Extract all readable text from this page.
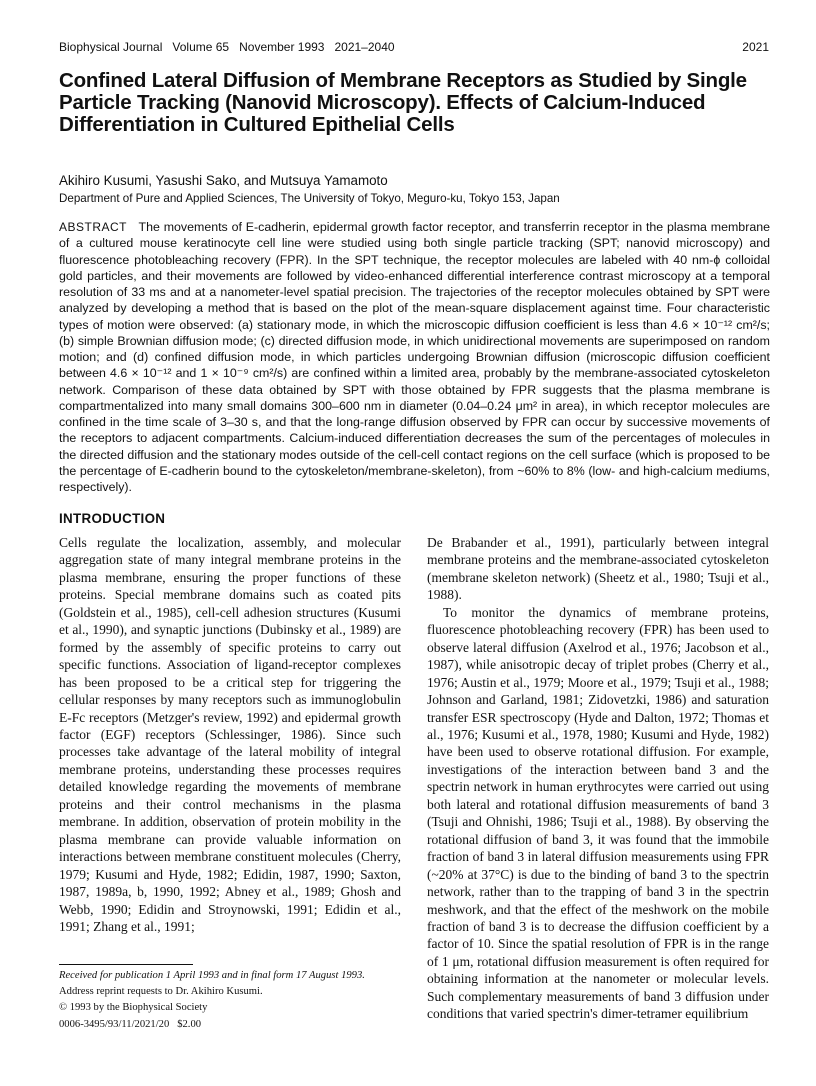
Biophysical Journal   Volume 65   November 1993   2021–2040	2021
Confined Lateral Diffusion of Membrane Receptors as Studied by Single Particle Tracking (Nanovid Microscopy). Effects of Calcium-Induced Differentiation in Cultured Epithelial Cells
Akihiro Kusumi, Yasushi Sako, and Mutsuya Yamamoto
Department of Pure and Applied Sciences, The University of Tokyo, Meguro-ku, Tokyo 153, Japan

ABSTRACT The movements of E-cadherin, epidermal growth factor receptor, and transferrin receptor in the plasma membrane of a cultured mouse keratinocyte cell line were studied using both single particle tracking (SPT; nanovid microscopy) and fluorescence photobleaching recovery (FPR). In the SPT technique, the receptor molecules are labeled with 40 nm-ϕ colloidal gold particles, and their movements are followed by video-enhanced differential interference contrast microscopy at a temporal resolution of 33 ms and at a nanometer-level spatial precision. The trajectories of the receptor molecules obtained by SPT were analyzed by developing a method that is based on the plot of the mean-square displacement against time. Four characteristic types of motion were observed: (a) stationary mode, in which the microscopic diffusion coefficient is less than 4.6 × 10⁻¹² cm²/s; (b) simple Brownian diffusion mode; (c) directed diffusion mode, in which unidirectional movements are superimposed on random motion; and (d) confined diffusion mode, in which particles undergoing Brownian diffusion (microscopic diffusion coefficient between 4.6 × 10⁻¹² and 1 × 10⁻⁹ cm²/s) are confined within a limited area, probably by the membrane-associated cytoskeleton network. Comparison of these data obtained by SPT with those obtained by FPR suggests that the plasma membrane is compartmentalized into many small domains 300–600 nm in diameter (0.04–0.24 μm² in area), in which receptor molecules are confined in the time scale of 3–30 s, and that the long-range diffusion observed by FPR can occur by successive movements of the receptors to adjacent compartments. Calcium-induced differentiation decreases the sum of the percentages of molecules in the directed diffusion and the stationary modes outside of the cell-cell contact regions on the cell surface (which is proposed to be the percentage of E-cadherin bound to the cytoskeleton/membrane-skeleton), from ~60% to 8% (low- and high-calcium mediums, respectively).

INTRODUCTION

Cells regulate the localization, assembly, and molecular aggregation state of many integral membrane proteins in the plasma membrane, ensuring the proper functions of these proteins. Special membrane domains such as coated pits (Goldstein et al., 1985), cell-cell adhesion structures (Kusumi et al., 1990), and synaptic junctions (Dubinsky et al., 1989) are formed by the assembly of specific proteins to carry out specific functions. Association of ligand-receptor complexes has been proposed to be a critical step for triggering the cellular responses by many receptors such as immunoglobulin E-Fc receptors (Metzger's review, 1992) and epidermal growth factor (EGF) receptors (Schlessinger, 1986). Since such processes take advantage of the lateral mobility of integral membrane proteins, understanding these processes requires detailed knowledge regarding the movements of membrane proteins and their control mechanisms in the plasma membrane. In addition, observation of protein mobility in the plasma membrane can provide valuable information on interactions between membrane constituent molecules (Cherry, 1979; Kusumi and Hyde, 1982; Edidin, 1987, 1990; Saxton, 1987, 1989a, b, 1990, 1992; Abney et al., 1989; Ghosh and Webb, 1990; Edidin and Stroynowski, 1991; Edidin et al., 1991; Zhang et al., 1991;

De Brabander et al., 1991), particularly between integral membrane proteins and the membrane-associated cytoskeleton (membrane skeleton network) (Sheetz et al., 1980; Tsuji et al., 1988).

To monitor the dynamics of membrane proteins, fluorescence photobleaching recovery (FPR) has been used to observe lateral diffusion (Axelrod et al., 1976; Jacobson et al., 1987), while anisotropic decay of triplet probes (Cherry et al., 1976; Austin et al., 1979; Moore et al., 1979; Tsuji et al., 1988; Johnson and Garland, 1981; Zidovetzki, 1986) and saturation transfer ESR spectroscopy (Hyde and Dalton, 1972; Thomas et al., 1976; Kusumi et al., 1978, 1980; Kusumi and Hyde, 1982) have been used to observe rotational diffusion. For example, investigations of the interaction between band 3 and the spectrin network in human erythrocytes were carried out using both lateral and rotational diffusion measurements of band 3 (Tsuji and Ohnishi, 1986; Tsuji et al., 1988). By observing the rotational diffusion of band 3, it was found that the immobile fraction of band 3 in lateral diffusion measurements using FPR (~20% at 37°C) is due to the binding of band 3 to the spectrin network, rather than to the trapping of band 3 in the spectrin meshwork, and that the effect of the meshwork on the mobile fraction of band 3 is to decrease the diffusion coefficient by a factor of 10. Since the spatial resolution of FPR is in the range of 1 μm, rotational diffusion measurement is often required for obtaining information at the nanometer or molecular levels. Such complementary measurements of band 3 diffusion under conditions that varied spectrin's dimer-tetramer equilibrium

Received for publication 1 April 1993 and in final form 17 August 1993.
Address reprint requests to Dr. Akihiro Kusumi.
© 1993 by the Biophysical Society
0006-3495/93/11/2021/20   $2.00
